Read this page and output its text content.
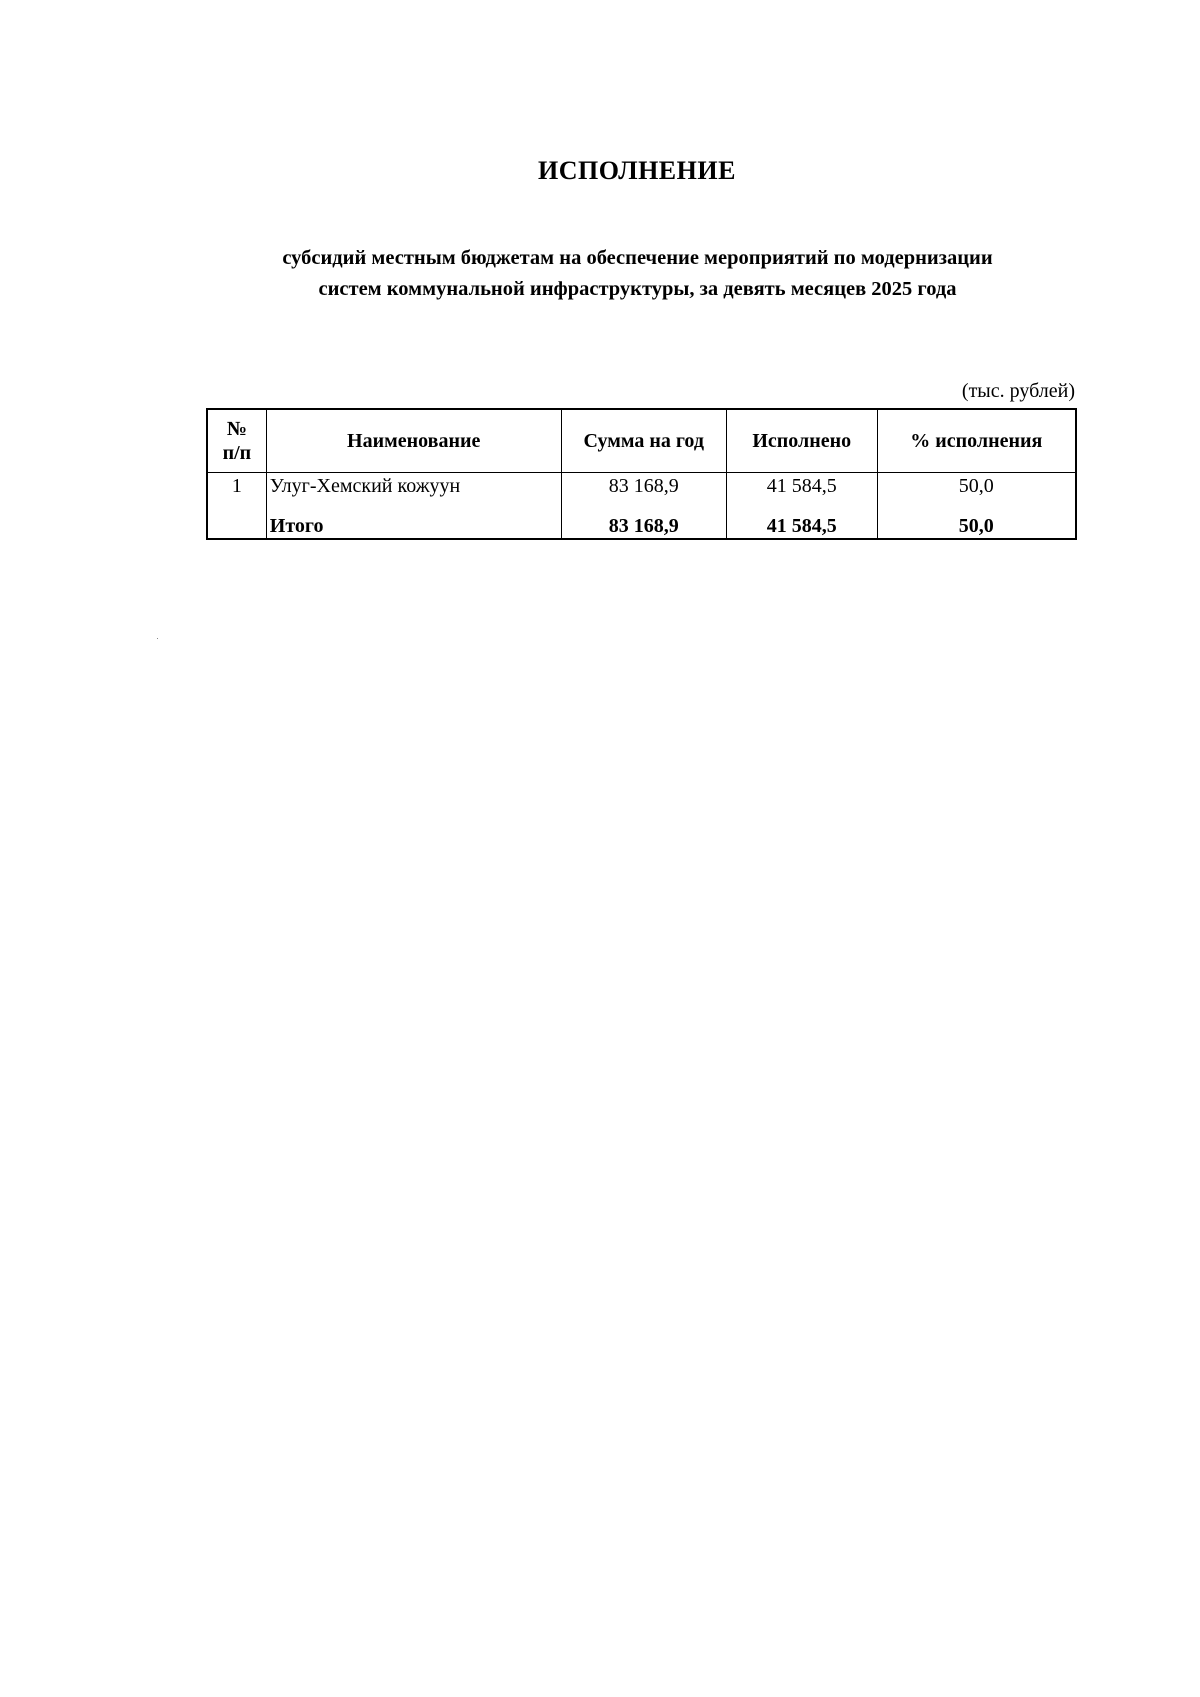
ИСПОЛНЕНИЕ
субсидий местным бюджетам на обеспечение мероприятий по модернизации
систем коммунальной инфраструктуры, за девять месяцев 2025 года
(тыс. рублей)
№
п/п	Наименование	Сумма на год	Исполнено	% исполнения
1	Улуг-Хемский кожуун	83 168,9	41 584,5	50,0
	Итого	83 168,9	41 584,5	50,0
